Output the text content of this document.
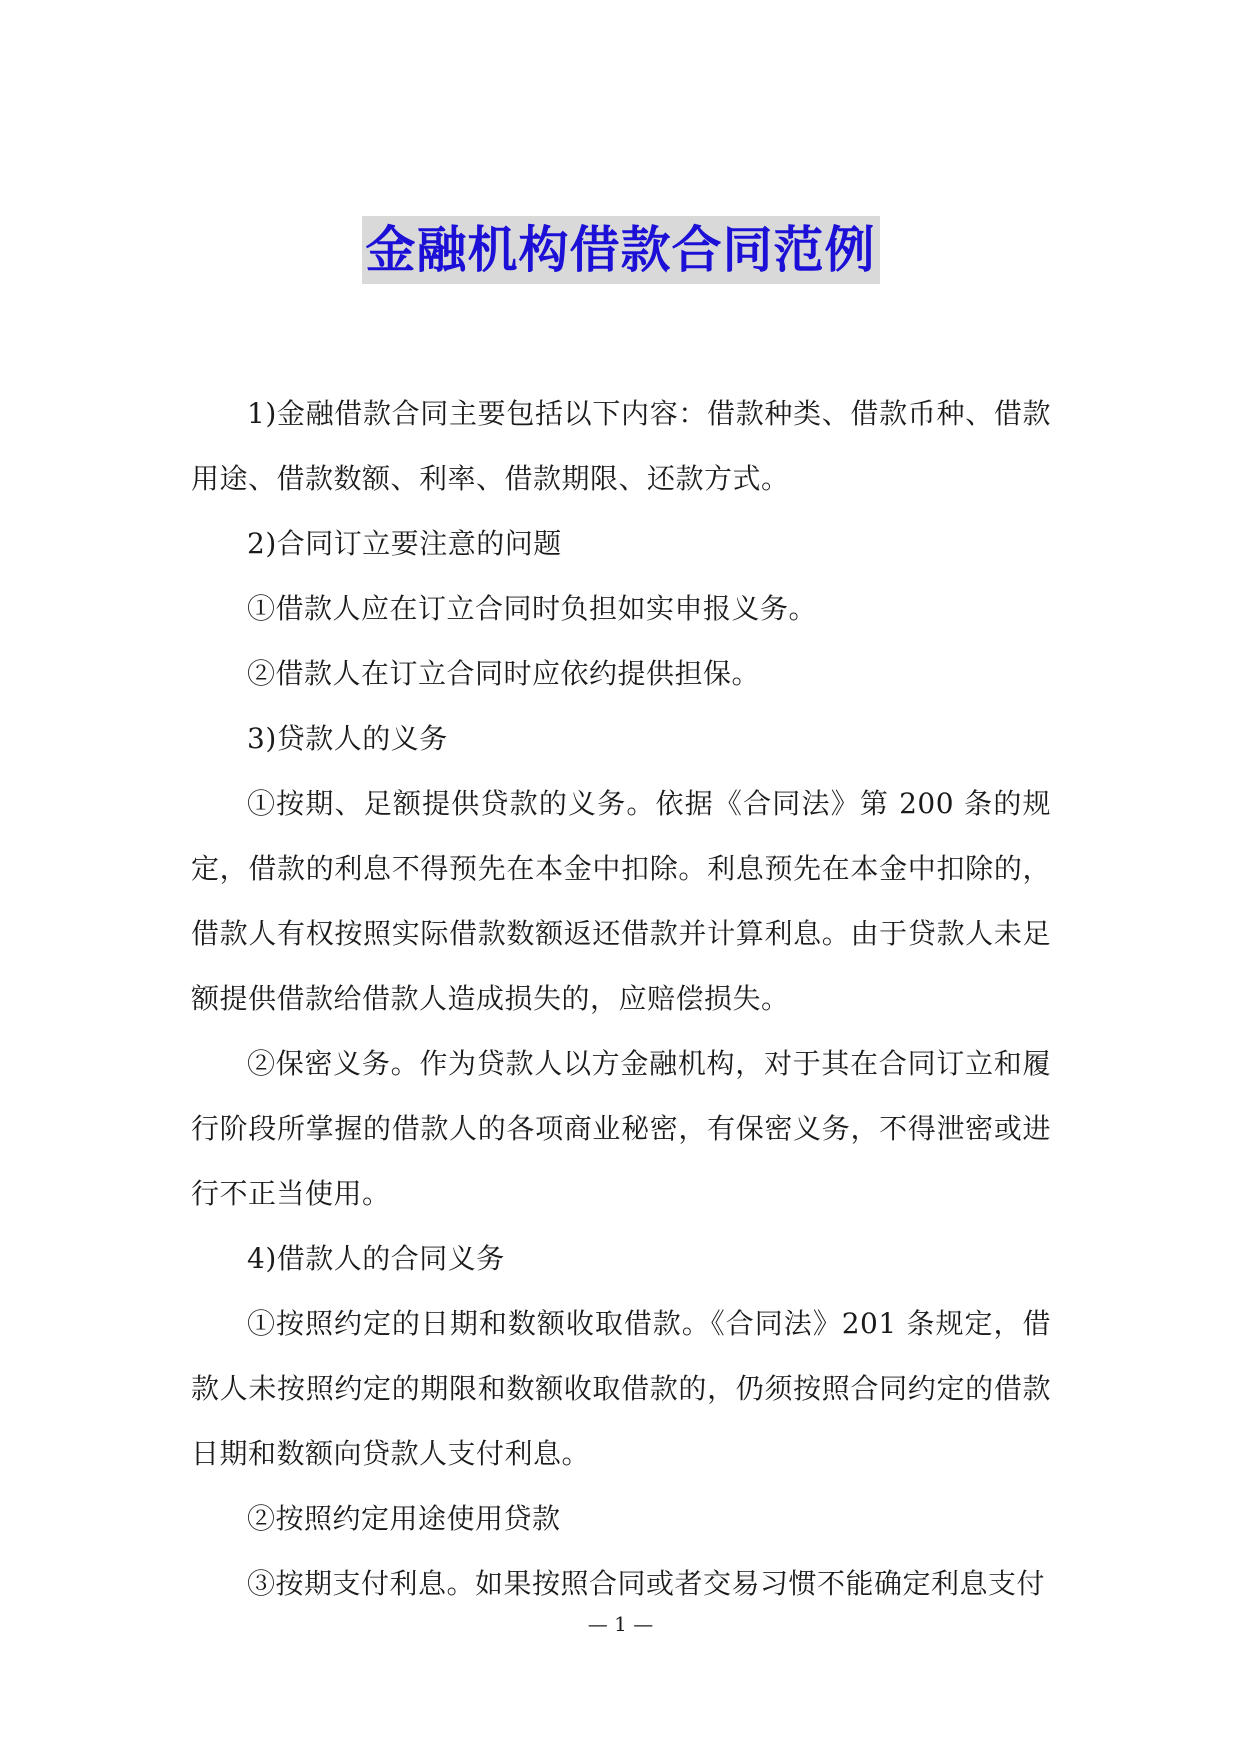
金融机构借款合同范例

1)金融借款合同主要包括以下内容：借款种类、借款币种、借款用途、借款数额、利率、借款期限、还款方式。

2)合同订立要注意的问题

①借款人应在订立合同时负担如实申报义务。

②借款人在订立合同时应依约提供担保。

3)贷款人的义务

①按期、足额提供贷款的义务。依据《合同法》第 200 条的规定，借款的利息不得预先在本金中扣除。利息预先在本金中扣除的，借款人有权按照实际借款数额返还借款并计算利息。由于贷款人未足额提供借款给借款人造成损失的，应赔偿损失。

②保密义务。作为贷款人以方金融机构，对于其在合同订立和履行阶段所掌握的借款人的各项商业秘密，有保密义务，不得泄密或进行不正当使用。

4)借款人的合同义务

①按照约定的日期和数额收取借款。《合同法》201 条规定，借款人未按照约定的期限和数额收取借款的，仍须按照合同约定的借款日期和数额向贷款人支付利息。

②按照约定用途使用贷款

③按期支付利息。如果按照合同或者交易习惯不能确定利息支付

— 1 —
